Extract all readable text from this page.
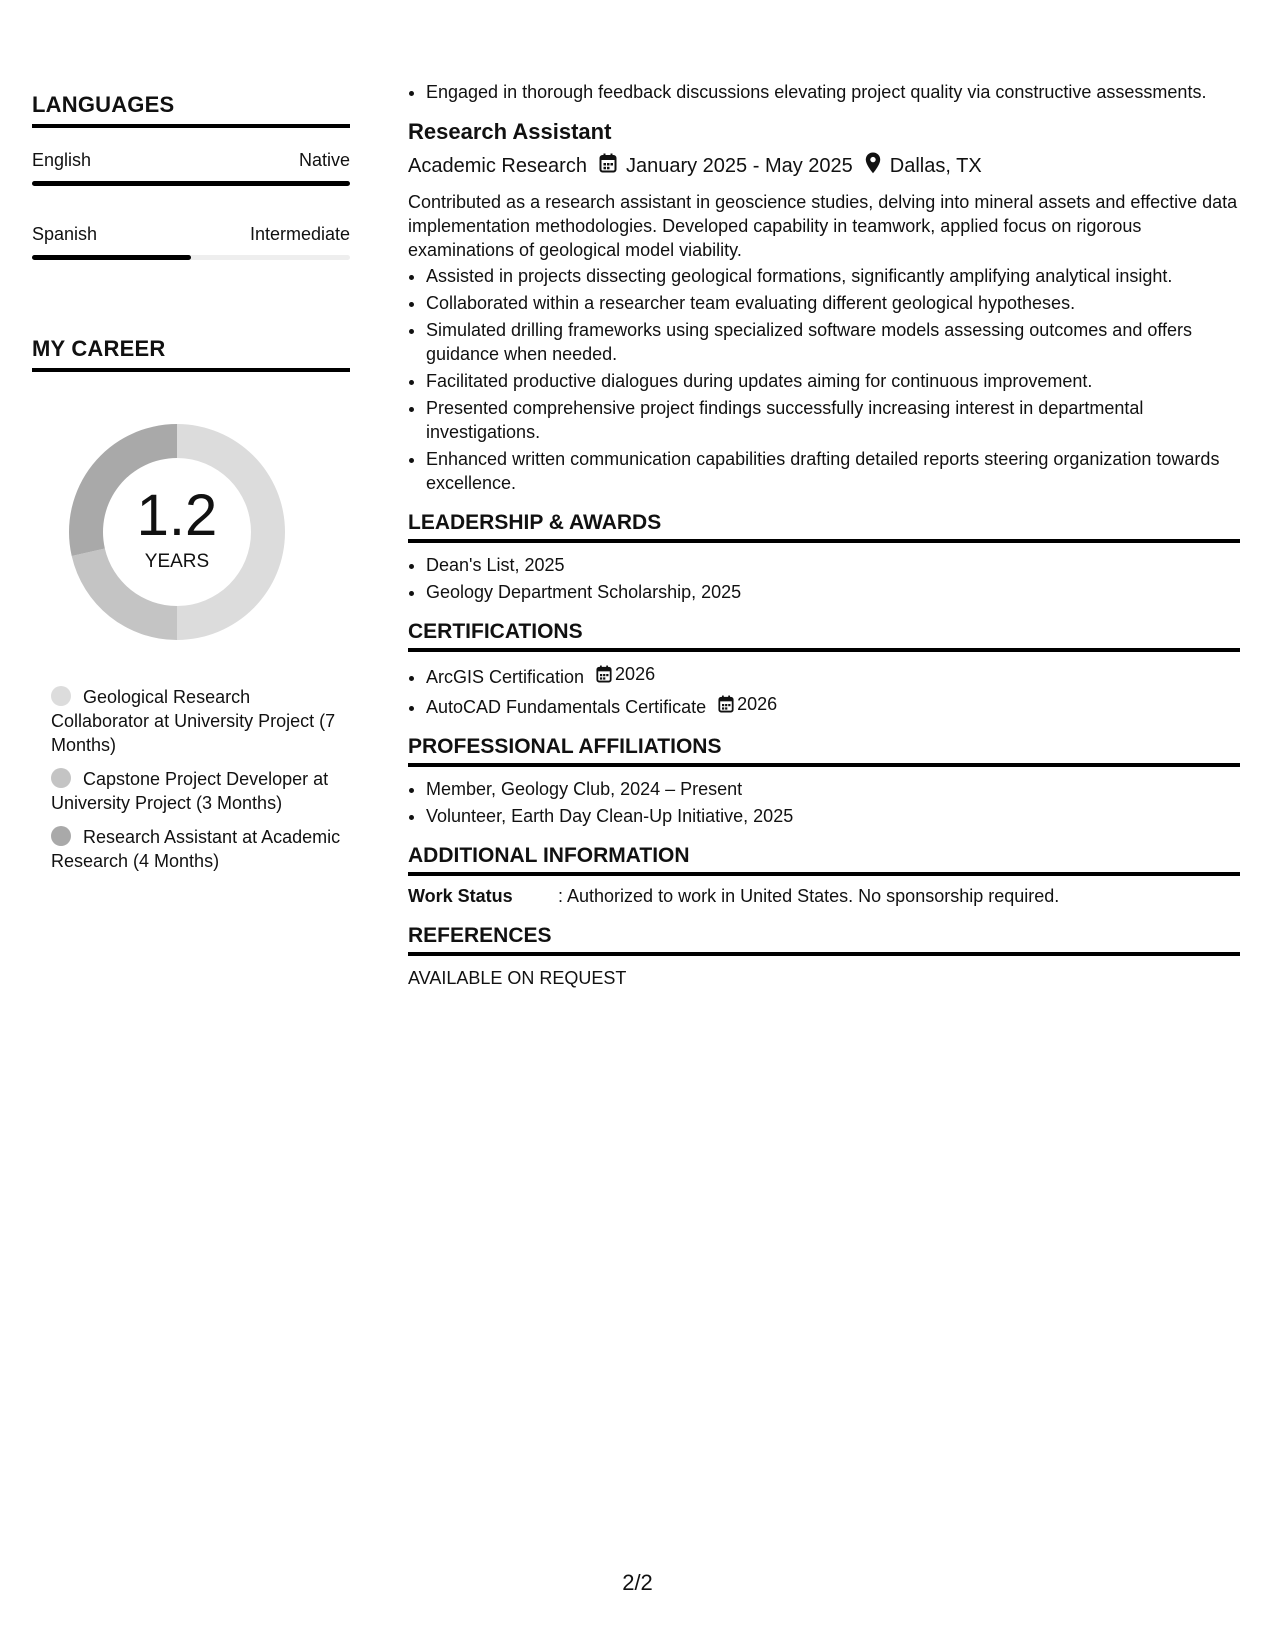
LANGUAGES
English	Native
Spanish	Intermediate
MY CAREER
1.2
YEARS
Geological Research Collaborator at University Project (7 Months)
Capstone Project Developer at University Project (3 Months)
Research Assistant at Academic Research (4 Months)
• Engaged in thorough feedback discussions elevating project quality via constructive assessments.
Research Assistant
Academic Research January 2025 - May 2025 Dallas, TX
Contributed as a research assistant in geoscience studies, delving into mineral assets and effective data implementation methodologies. Developed capability in teamwork, applied focus on rigorous examinations of geological model viability.
• Assisted in projects dissecting geological formations, significantly amplifying analytical insight.
• Collaborated within a researcher team evaluating different geological hypotheses.
• Simulated drilling frameworks using specialized software models assessing outcomes and offers guidance when needed.
• Facilitated productive dialogues during updates aiming for continuous improvement.
• Presented comprehensive project findings successfully increasing interest in departmental investigations.
• Enhanced written communication capabilities drafting detailed reports steering organization towards excellence.
LEADERSHIP & AWARDS
• Dean's List, 2025
• Geology Department Scholarship, 2025
CERTIFICATIONS
• ArcGIS Certification 2026
• AutoCAD Fundamentals Certificate 2026
PROFESSIONAL AFFILIATIONS
• Member, Geology Club, 2024 – Present
• Volunteer, Earth Day Clean-Up Initiative, 2025
ADDITIONAL INFORMATION
Work Status	: Authorized to work in United States. No sponsorship required.
REFERENCES
AVAILABLE ON REQUEST
2/2
